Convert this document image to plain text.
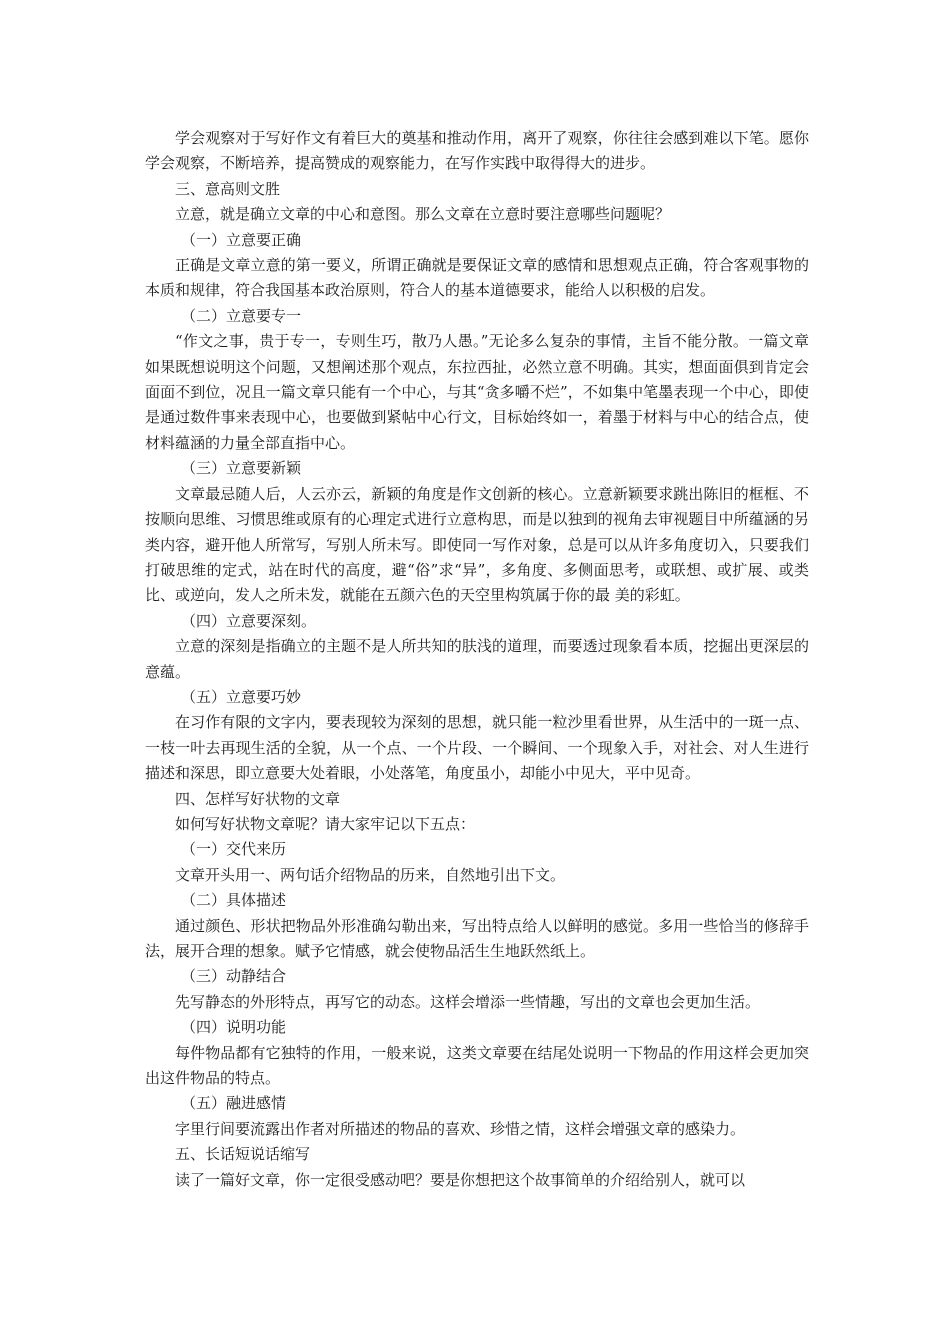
学会观察对于写好作文有着巨大的奠基和推动作用，离开了观察，你往往会感到难以下笔。愿你学会观察，不断培养，提高赞成的观察能力，在写作实践中取得得大的进步。

三、意高则文胜

立意，就是确立文章的中心和意图。那么文章在立意时要注意哪些问题呢？

（一）立意要正确

正确是文章立意的第一要义，所谓正确就是要保证文章的感情和思想观点正确，符合客观事物的本质和规律，符合我国基本政治原则，符合人的基本道德要求，能给人以积极的启发。

（二）立意要专一

“作文之事，贵于专一，专则生巧，散乃人愚。”无论多么复杂的事情，主旨不能分散。一篇文章如果既想说明这个问题，又想阐述那个观点，东拉西扯，必然立意不明确。其实，想面面俱到肯定会面面不到位，况且一篇文章只能有一个中心，与其“贪多嚼不烂”，不如集中笔墨表现一个中心，即使是通过数件事来表现中心，也要做到紧帖中心行文，目标始终如一，着墨于材料与中心的结合点，使材料蕴涵的力量全部直指中心。

（三）立意要新颖

文章最忌随人后，人云亦云，新颖的角度是作文创新的核心。立意新颖要求跳出陈旧的框框、不按顺向思维、习惯思维或原有的心理定式进行立意构思，而是以独到的视角去审视题目中所蕴涵的另类内容，避开他人所常写，写别人所未写。即使同一写作对象，总是可以从许多角度切入，只要我们打破思维的定式，站在时代的高度，避“俗”求“异”，多角度、多侧面思考，或联想、或扩展、或类比、或逆向，发人之所未发，就能在五颜六色的天空里构筑属于你的最 美的彩虹。

（四）立意要深刻。

立意的深刻是指确立的主题不是人所共知的肤浅的道理，而要透过现象看本质，挖掘出更深层的意蕴。

（五）立意要巧妙

在习作有限的文字内，要表现较为深刻的思想，就只能一粒沙里看世界，从生活中的一斑一点、一枝一叶去再现生活的全貌，从一个点、一个片段、一个瞬间、一个现象入手，对社会、对人生进行描述和深思，即立意要大处着眼，小处落笔，角度虽小，却能小中见大，平中见奇。

四、怎样写好状物的文章

如何写好状物文章呢？请大家牢记以下五点：

（一）交代来历

文章开头用一、两句话介绍物品的历来，自然地引出下文。

（二）具体描述

通过颜色、形状把物品外形准确勾勒出来，写出特点给人以鲜明的感觉。多用一些恰当的修辞手法，展开合理的想象。赋予它情感，就会使物品活生生地跃然纸上。

（三）动静结合

先写静态的外形特点，再写它的动态。这样会增添一些情趣，写出的文章也会更加生活。

（四）说明功能

每件物品都有它独特的作用，一般来说，这类文章要在结尾处说明一下物品的作用这样会更加突出这件物品的特点。

（五）融进感情

字里行间要流露出作者对所描述的物品的喜欢、珍惜之情，这样会增强文章的感染力。

五、长话短说话缩写

读了一篇好文章，你一定很受感动吧？要是你想把这个故事简单的介绍给别人，就可以
